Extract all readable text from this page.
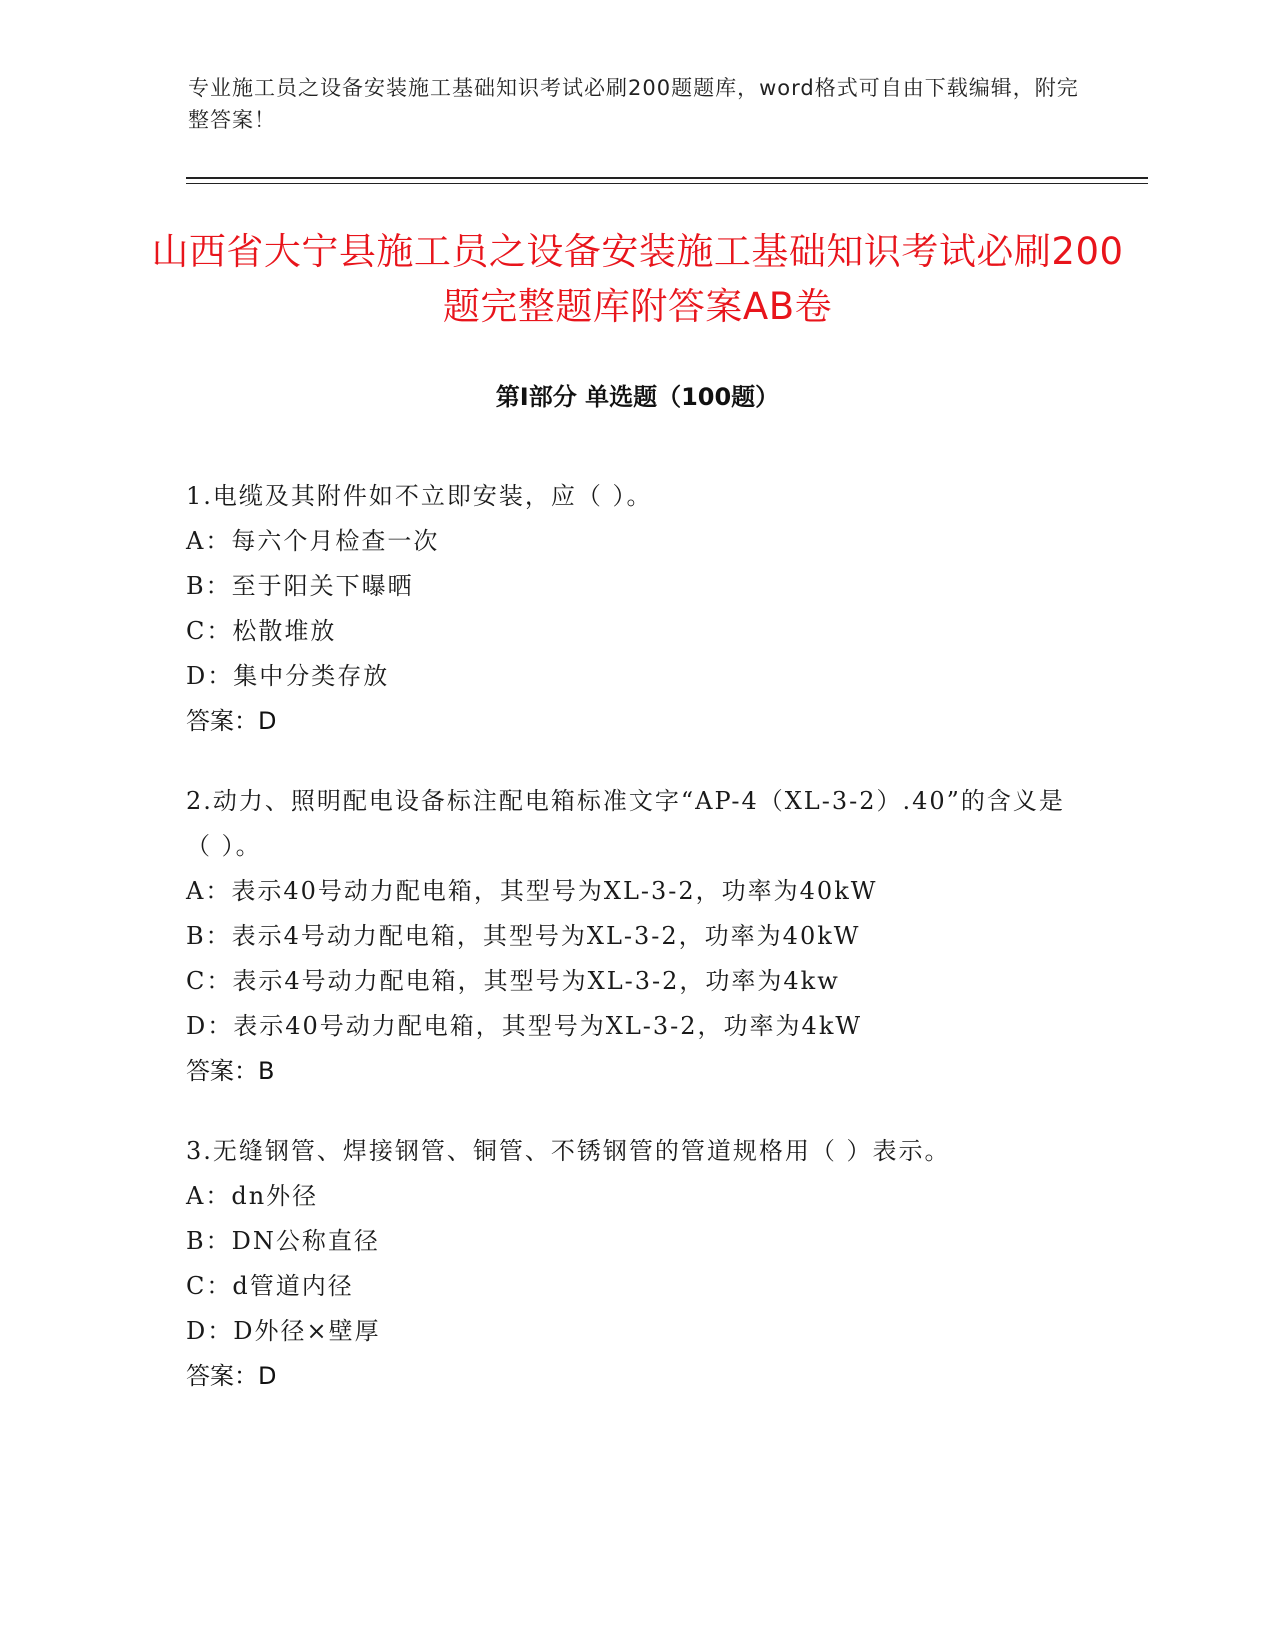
专业施工员之设备安装施工基础知识考试必刷200题题库，word格式可自由下载编辑，附完整答案！
山西省大宁县施工员之设备安装施工基础知识考试必刷200题完整题库附答案AB卷
第Ⅰ部分 单选题（100题）
1.电缆及其附件如不立即安装，应（ ）。
A：每六个月检查一次
B：至于阳关下曝晒
C：松散堆放
D：集中分类存放
答案：D
2.动力、照明配电设备标注配电箱标准文字“AP-4（XL-3-2）.40”的含义是（ ）。
A：表示40号动力配电箱，其型号为XL-3-2，功率为40kW
B：表示4号动力配电箱，其型号为XL-3-2，功率为40kW
C：表示4号动力配电箱，其型号为XL-3-2，功率为4kw
D：表示40号动力配电箱，其型号为XL-3-2，功率为4kW
答案：B
3.无缝钢管、焊接钢管、铜管、不锈钢管的管道规格用（ ）表示。
A：dn外径
B：DN公称直径
C：d管道内径
D：D外径×壁厚
答案：D
